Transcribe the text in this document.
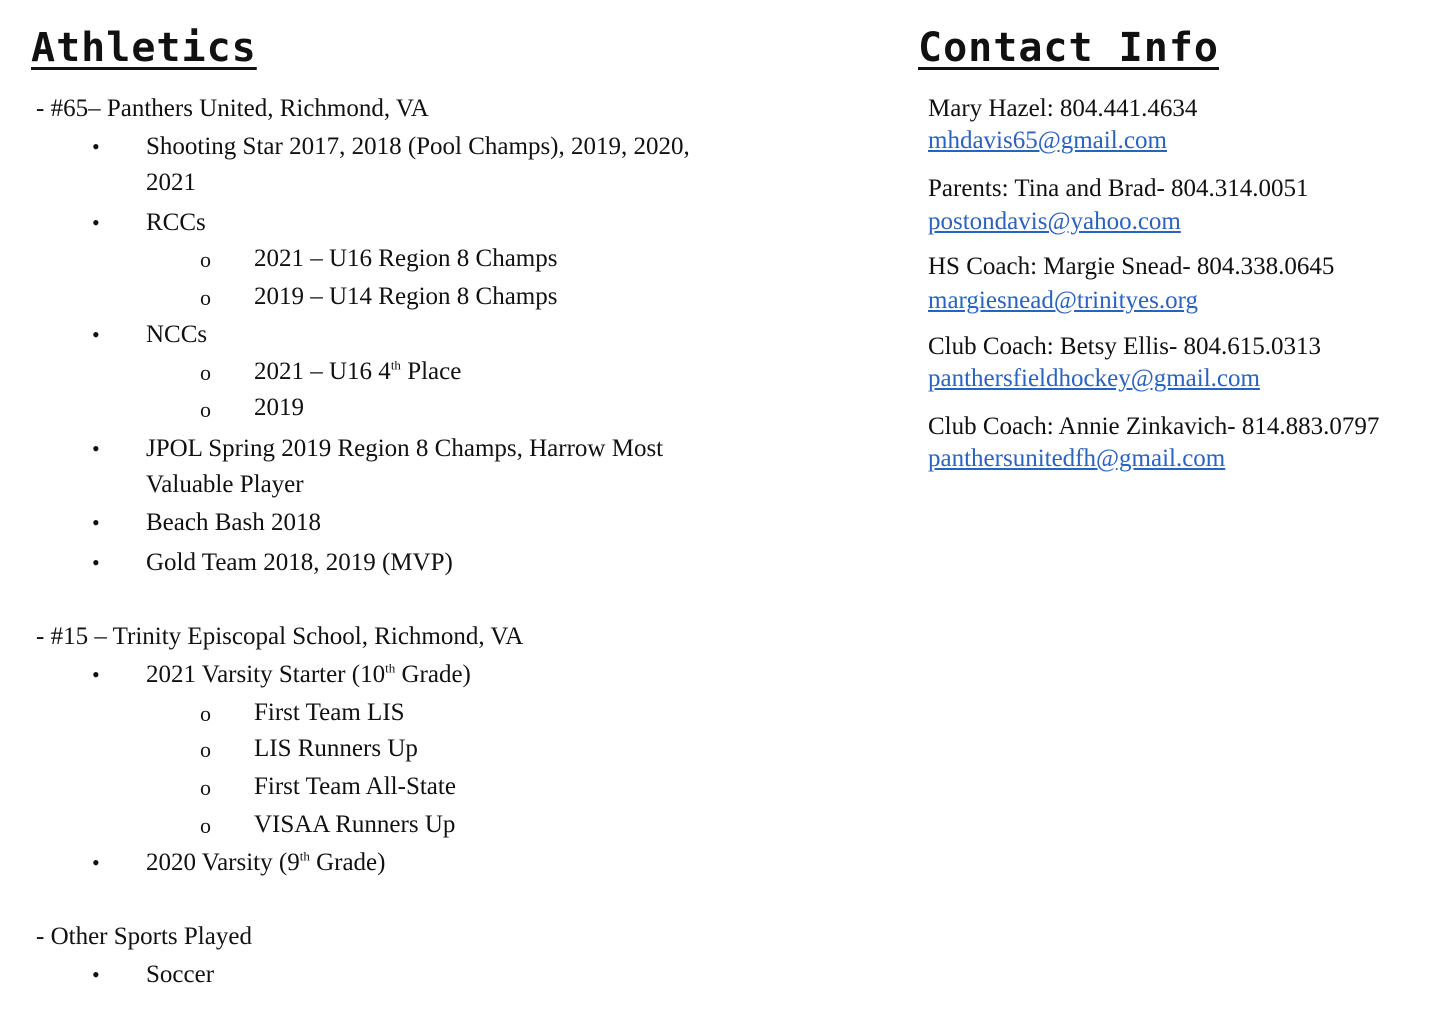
Athletics	Contact Info
- #65– Panthers United, Richmond, VA
• Shooting Star 2017, 2018 (Pool Champs), 2019, 2020,
2021
• RCCs
o 2021 – U16 Region 8 Champs
o 2019 – U14 Region 8 Champs
• NCCs
o 2021 – U16 4th Place
o 2019
• JPOL Spring 2019 Region 8 Champs, Harrow Most
Valuable Player
• Beach Bash 2018
• Gold Team 2018, 2019 (MVP)
- #15 – Trinity Episcopal School, Richmond, VA
• 2021 Varsity Starter (10th Grade)
o First Team LIS
o LIS Runners Up
o First Team All-State
o VISAA Runners Up
• 2020 Varsity (9th Grade)
- Other Sports Played
• Soccer
Mary Hazel: 804.441.4634
mhdavis65@gmail.com
Parents: Tina and Brad- 804.314.0051
postondavis@yahoo.com
HS Coach: Margie Snead- 804.338.0645
margiesnead@trinityes.org
Club Coach: Betsy Ellis- 804.615.0313
panthersfieldhockey@gmail.com
Club Coach: Annie Zinkavich- 814.883.0797
panthersunitedfh@gmail.com
